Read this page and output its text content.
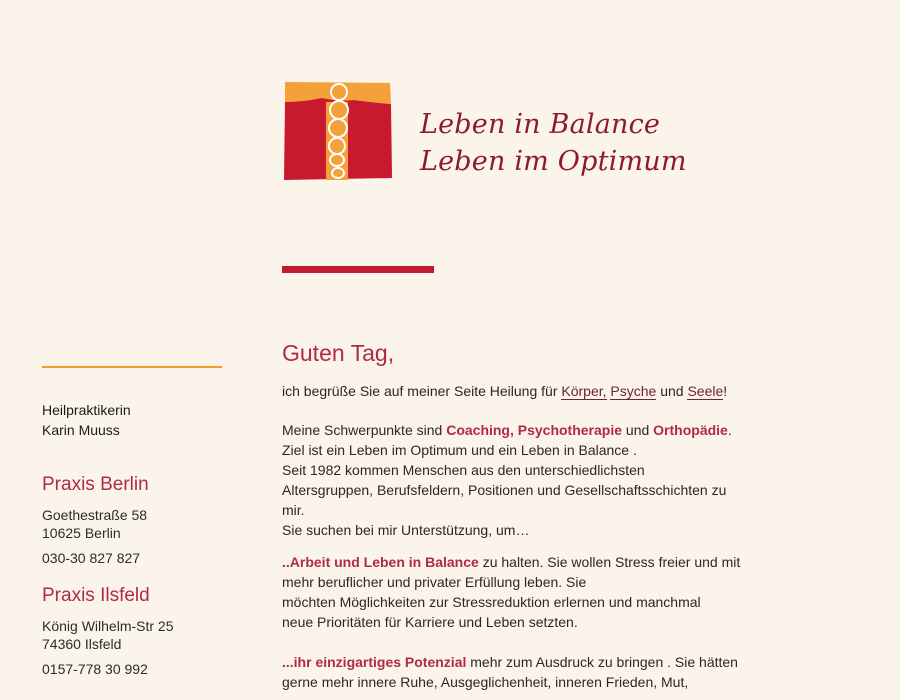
Leben in Balance
Leben im Optimum
Heilpraktikerin
Karin Muuss
Praxis Berlin
Goethestraße 58
10625 Berlin
030-30 827 827
Praxis Ilsfeld
König Wilhelm-Str 25
74360 Ilsfeld
0157-778 30 992
Guten Tag,

ich begrüße Sie auf meiner Seite Heilung für Körper, Psyche und Seele!

Meine Schwerpunkte sind Coaching, Psychotherapie und Orthopädie.

Ziel ist ein Leben im Optimum und ein Leben in Balance .

Seit 1982 kommen Menschen aus den unterschiedlichsten

Altersgruppen, Berufsfeldern, Positionen und Gesellschaftsschichten zu

mir.

Sie suchen bei mir Unterstützung, um…

..Arbeit und Leben in Balance zu halten. Sie wollen Stress freier und mit

mehr beruflicher und privater Erfüllung leben. Sie

möchten Möglichkeiten zur Stressreduktion erlernen und manchmal

neue Prioritäten für Karriere und Leben setzten.

...ihr einzigartiges Potenzial mehr zum Ausdruck zu bringen . Sie hätten

gerne mehr innere Ruhe, Ausgeglichenheit, inneren Frieden, Mut,
